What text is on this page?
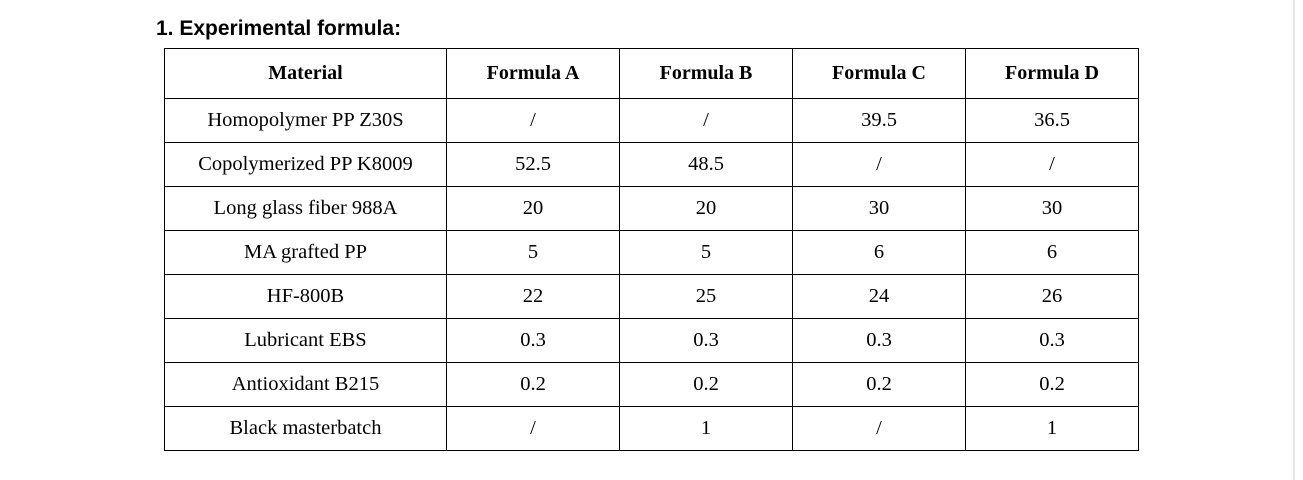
1. Experimental formula:
Material	Formula A	Formula B	Formula C	Formula D
Homopolymer PP Z30S	/	/	39.5	36.5
Copolymerized PP K8009	52.5	48.5	/	/
Long glass fiber 988A	20	20	30	30
MA grafted PP	5	5	6	6
HF-800B	22	25	24	26
Lubricant EBS	0.3	0.3	0.3	0.3
Antioxidant B215	0.2	0.2	0.2	0.2
Black masterbatch	/	1	/	1
